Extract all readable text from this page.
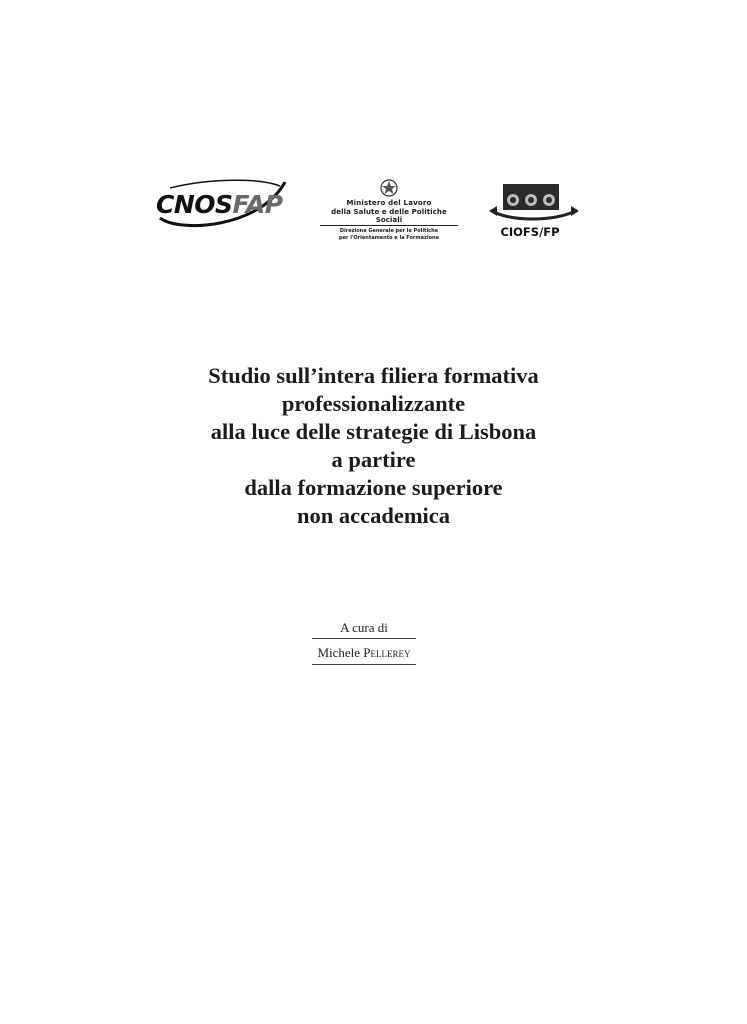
CNOSFAP	Ministero del Lavoro
della Salute e delle Politiche Sociali
Direzione Generale per le Politiche
per l'Orientamento e la Formazione	CIOFS/FP
Studio sull’intera filiera formativa
professionalizzante
alla luce delle strategie di Lisbona
a partire
dalla formazione superiore
non accademica
A cura di
Michele Pellerey
